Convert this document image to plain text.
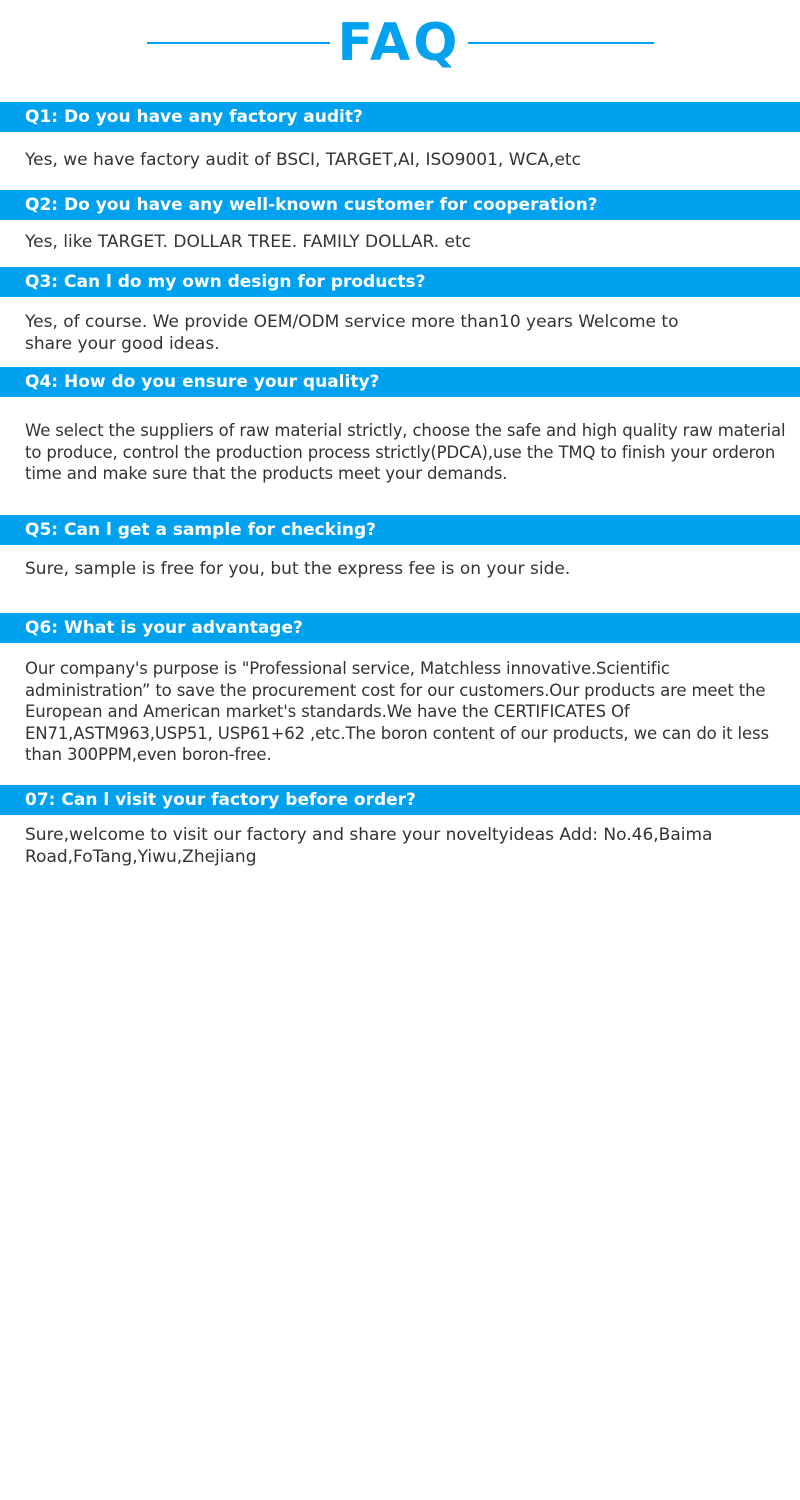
FAQ
Q1: Do you have any factory audit?
Yes, we have factory audit of BSCI, TARGET,AI, ISO9001, WCA,etc
Q2: Do you have any well-known customer for cooperation?
Yes, like TARGET. DOLLAR TREE. FAMILY DOLLAR. etc
Q3: Can l do my own design for products?
Yes, of course. We provide OEM/ODM service more than10 years Welcome to share your good ideas.
Q4: How do you ensure your quality?
We select the suppliers of raw material strictly, choose the safe and high quality raw material to produce, control the production process strictly(PDCA),use the TMQ to finish your orderon time and make sure that the products meet your demands.
Q5: Can l get a sample for checking?
Sure, sample is free for you, but the express fee is on your side.
Q6: What is your advantage?
Our company's purpose is "Professional service, Matchless innovative.Scientific administration” to save the procurement cost for our customers.Our products are meet the European and American market's standards.We have the CERTIFICATES Of EN71,ASTM963,USP51, USP61+62 ,etc.The boron content of our products, we can do it less than 300PPM,even boron-free.
07: Can l visit your factory before order?
Sure,welcome to visit our factory and share your noveltyideas Add: No.46,Baima Road,FoTang,Yiwu,Zhejiang
